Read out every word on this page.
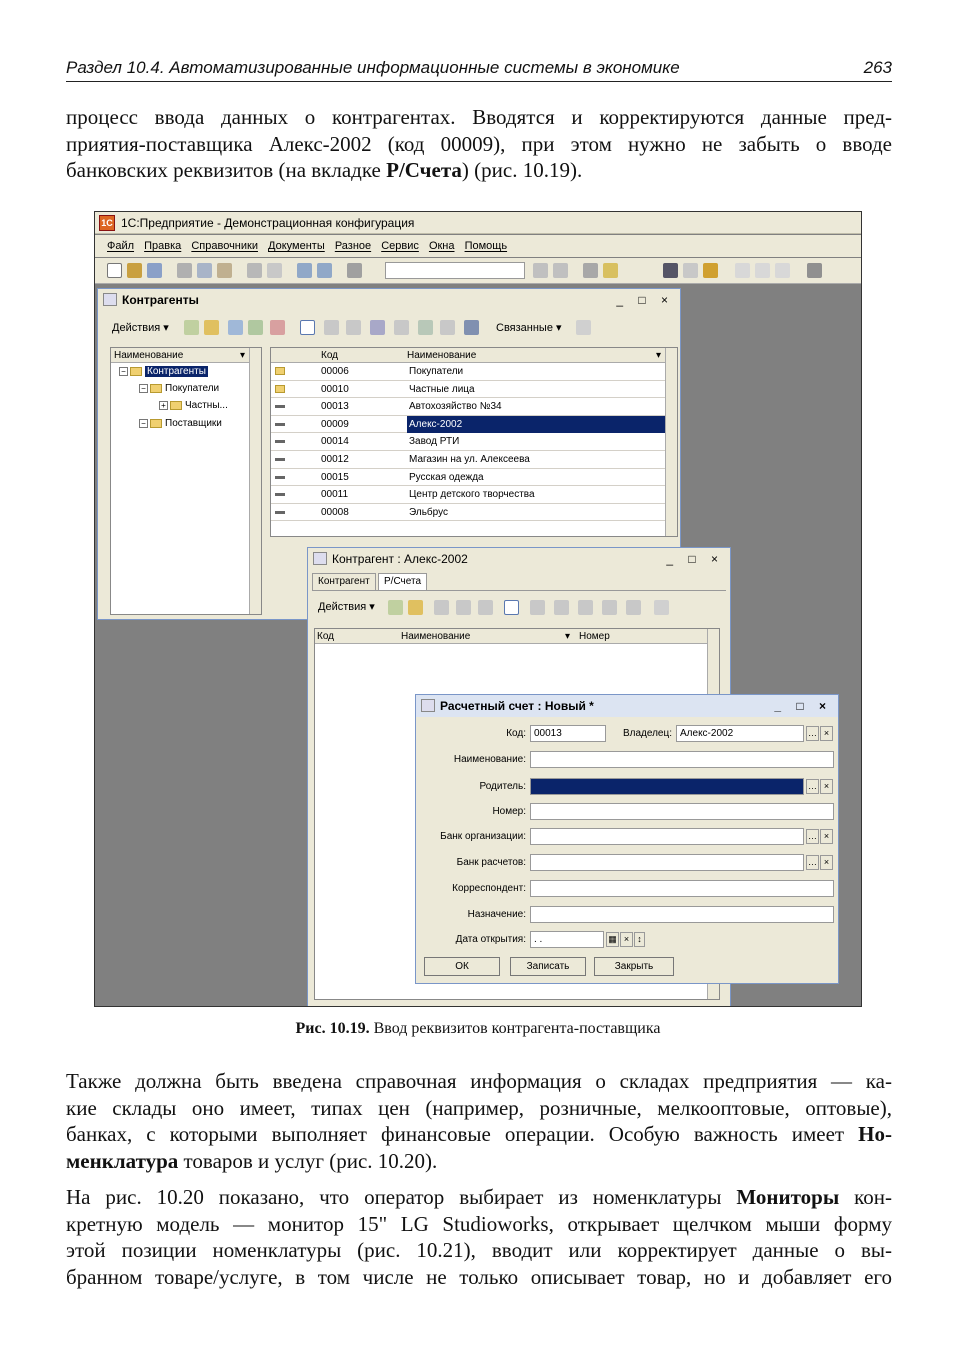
Раздел 10.4. Автоматизированные информационные системы в экономике	263
процесс ввода данных о контрагентах. Вводятся и корректируются данные пред-
приятия-поставщика Алекс-2002 (код 00009), при этом нужно не забыть о вводе
банковских реквизитов (на вкладке Р/Счета) (рис. 10.19).
1С 1С:Предприятие - Демонстрационная конфигурация
Файл Правка Справочники Документы Разное Сервис Окна Помощь
Контрагенты	_ □ ×
Действия ▾	Связанные ▾
Наименование	▾
− Контрагенты
− Покупатели
+ Частны...
− Поставщики
Код	Наименование	▾
00006	Покупатели
00010	Частные лица
00013	Автохозяйство №34
00009	Алекс-2002
00014	Завод РТИ
00012	Магазин на ул. Алексеева
00015	Русская одежда
00011	Центр детского творчества
00008	Эльбрус
Контрагент : Алекс-2002	_ □ ×
Контрагент	Р/Счета
Действия ▾
Код	Наименование	▾ Номер
Расчетный счет : Новый *	_ □ ×
Код: 00013	Владелец: Алекс-2002	… ×
Наименование:
Родитель:	… ×
Номер:
Банк организации:	… ×
Банк расчетов:	… ×
Корреспондент:
Назначение:
Дата открытия: . .	▦ × ↕
ОК	Записать	Закрыть
Рис. 10.19. Ввод реквизитов контрагента-поставщика
Также должна быть введена справочная информация о складах предприятия — ка-
кие склады оно имеет, типах цен (например, розничные, мелкооптовые, оптовые),
банках, с которыми выполняет финансовые операции. Особую важность имеет Но-
менклатура товаров и услуг (рис. 10.20).
На рис. 10.20 показано, что оператор выбирает из номенклатуры Мониторы кон-
кретную модель — монитор 15" LG Studioworks, открывает щелчком мыши форму
этой позиции номенклатуры (рис. 10.21), вводит или корректирует данные о вы-
бранном товаре/услуге, в том числе не только описывает товар, но и добавляет его
